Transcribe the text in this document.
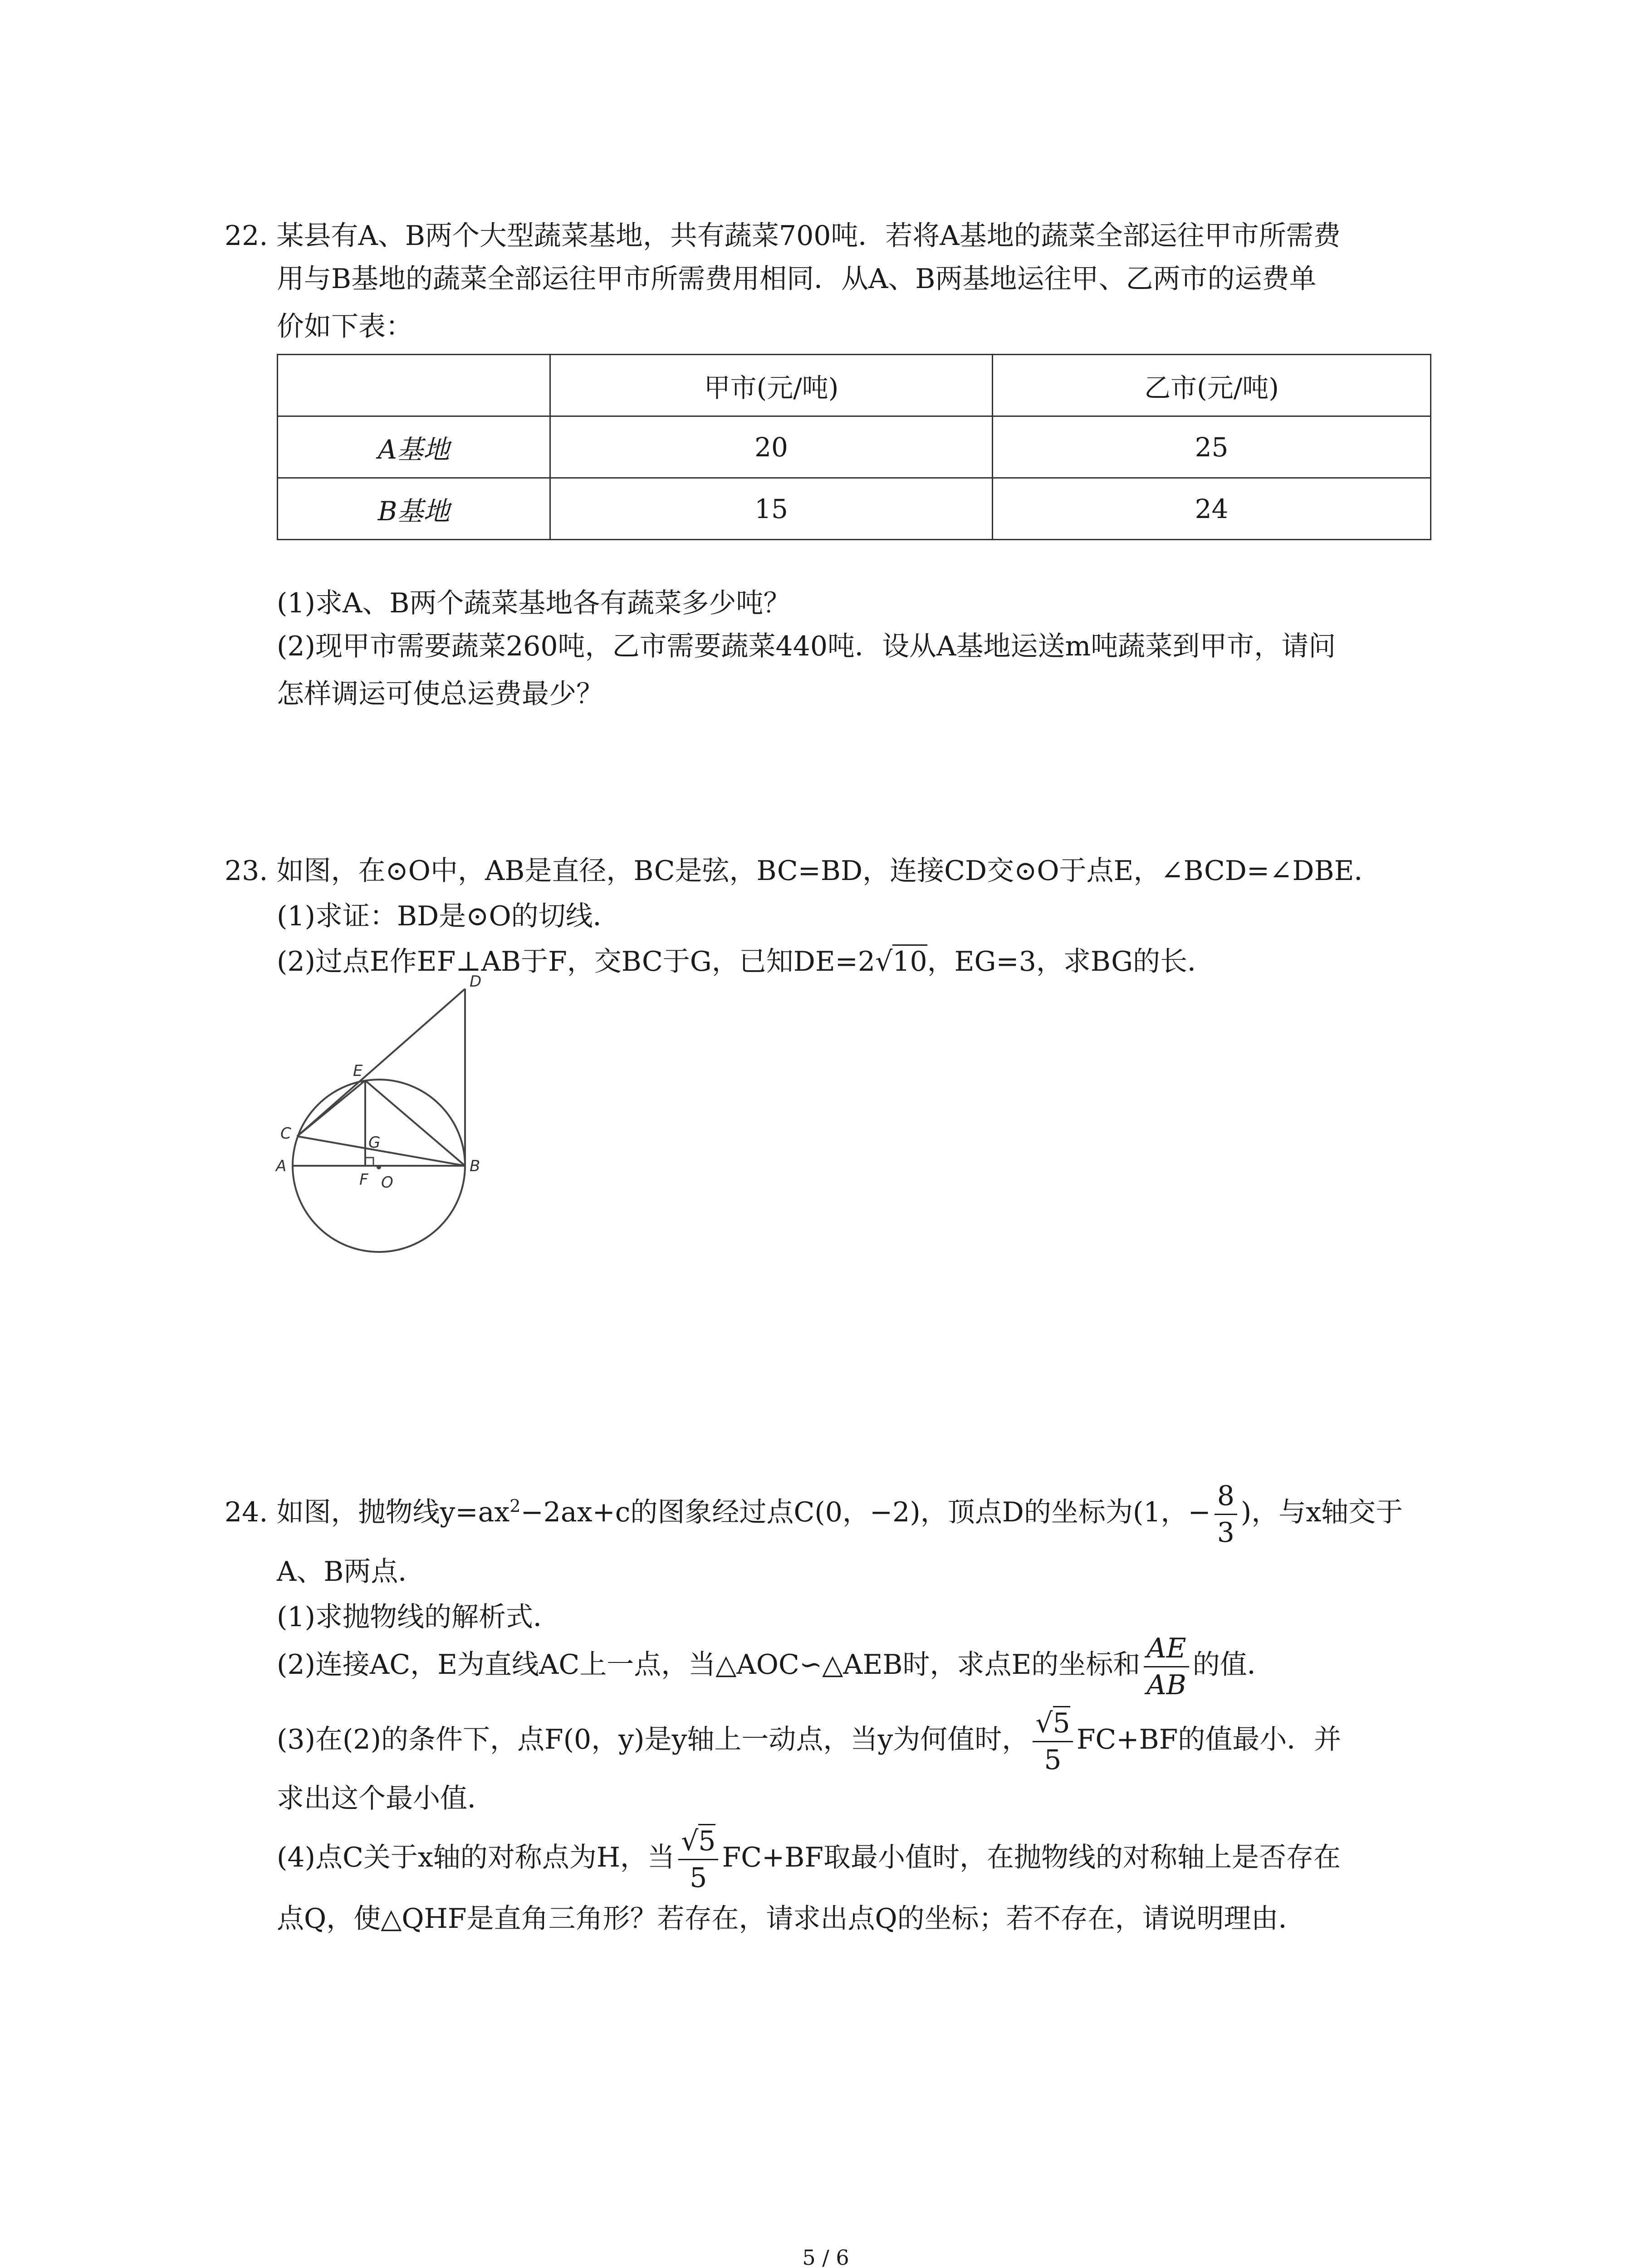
22. 某县有A、B两个大型蔬菜基地，共有蔬菜700吨．若将A基地的蔬菜全部运往甲市所需费
用与B基地的蔬菜全部运往甲市所需费用相同．从A、B两基地运往甲、乙两市的运费单
价如下表：
	甲市(元/吨)	乙市(元/吨)
A基地	20	25
B基地	15	24
(1)求A、B两个蔬菜基地各有蔬菜多少吨？
(2)现甲市需要蔬菜260吨，乙市需要蔬菜440吨．设从A基地运送m吨蔬菜到甲市，请问
怎样调运可使总运费最少？
23. 如图，在⊙O中，AB是直径，BC是弦，BC=BD，连接CD交⊙O于点E，∠BCD=∠DBE．
(1)求证：BD是⊙O的切线．
(2)过点E作EF⊥AB于F，交BC于G，已知DE=2√10，EG=3，求BG的长．
D
E
C	G
A
F O
B
24. 如图，抛物线$y=ax^2-2ax+c$的图象经过点C(0，−2)，顶点D的坐标为(1，− $\frac{8}{3}$ )，与x轴交于
A、B两点．
(1)求抛物线的解析式．
(2)连接AC，E为直线AC上一点，当△AOC∽△AEB时，求点E的坐标和 $\frac{AE}{AB}$ 的值．
(3)在(2)的条件下，点F(0，y)是y轴上一动点，当y为何值时， $\frac{√5}{5} FC+BF$的值最小．并
求出这个最小值．
(4)点C关于x轴的对称点为H，当 $\frac{√5}{5} FC+BF$取最小值时，在抛物线的对称轴上是否存在
点Q，使△QHF是直角三角形？若存在，请求出点Q的坐标；若不存在，请说明理由．
5 / 6
